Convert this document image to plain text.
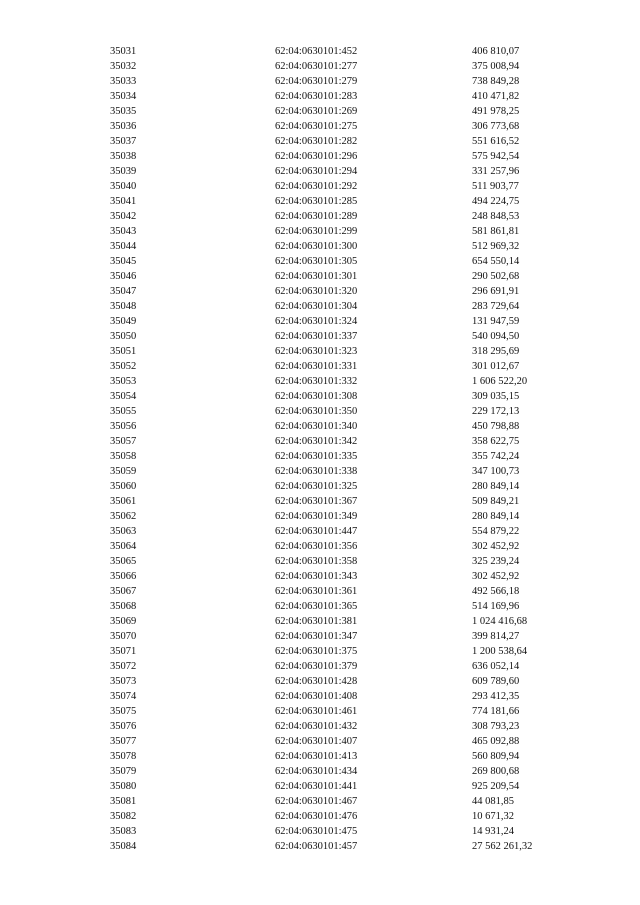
35031	62:04:0630101:452	406 810,07
35032	62:04:0630101:277	375 008,94
35033	62:04:0630101:279	738 849,28
35034	62:04:0630101:283	410 471,82
35035	62:04:0630101:269	491 978,25
35036	62:04:0630101:275	306 773,68
35037	62:04:0630101:282	551 616,52
35038	62:04:0630101:296	575 942,54
35039	62:04:0630101:294	331 257,96
35040	62:04:0630101:292	511 903,77
35041	62:04:0630101:285	494 224,75
35042	62:04:0630101:289	248 848,53
35043	62:04:0630101:299	581 861,81
35044	62:04:0630101:300	512 969,32
35045	62:04:0630101:305	654 550,14
35046	62:04:0630101:301	290 502,68
35047	62:04:0630101:320	296 691,91
35048	62:04:0630101:304	283 729,64
35049	62:04:0630101:324	131 947,59
35050	62:04:0630101:337	540 094,50
35051	62:04:0630101:323	318 295,69
35052	62:04:0630101:331	301 012,67
35053	62:04:0630101:332	1 606 522,20
35054	62:04:0630101:308	309 035,15
35055	62:04:0630101:350	229 172,13
35056	62:04:0630101:340	450 798,88
35057	62:04:0630101:342	358 622,75
35058	62:04:0630101:335	355 742,24
35059	62:04:0630101:338	347 100,73
35060	62:04:0630101:325	280 849,14
35061	62:04:0630101:367	509 849,21
35062	62:04:0630101:349	280 849,14
35063	62:04:0630101:447	554 879,22
35064	62:04:0630101:356	302 452,92
35065	62:04:0630101:358	325 239,24
35066	62:04:0630101:343	302 452,92
35067	62:04:0630101:361	492 566,18
35068	62:04:0630101:365	514 169,96
35069	62:04:0630101:381	1 024 416,68
35070	62:04:0630101:347	399 814,27
35071	62:04:0630101:375	1 200 538,64
35072	62:04:0630101:379	636 052,14
35073	62:04:0630101:428	609 789,60
35074	62:04:0630101:408	293 412,35
35075	62:04:0630101:461	774 181,66
35076	62:04:0630101:432	308 793,23
35077	62:04:0630101:407	465 092,88
35078	62:04:0630101:413	560 809,94
35079	62:04:0630101:434	269 800,68
35080	62:04:0630101:441	925 209,54
35081	62:04:0630101:467	44 081,85
35082	62:04:0630101:476	10 671,32
35083	62:04:0630101:475	14 931,24
35084	62:04:0630101:457	27 562 261,32
